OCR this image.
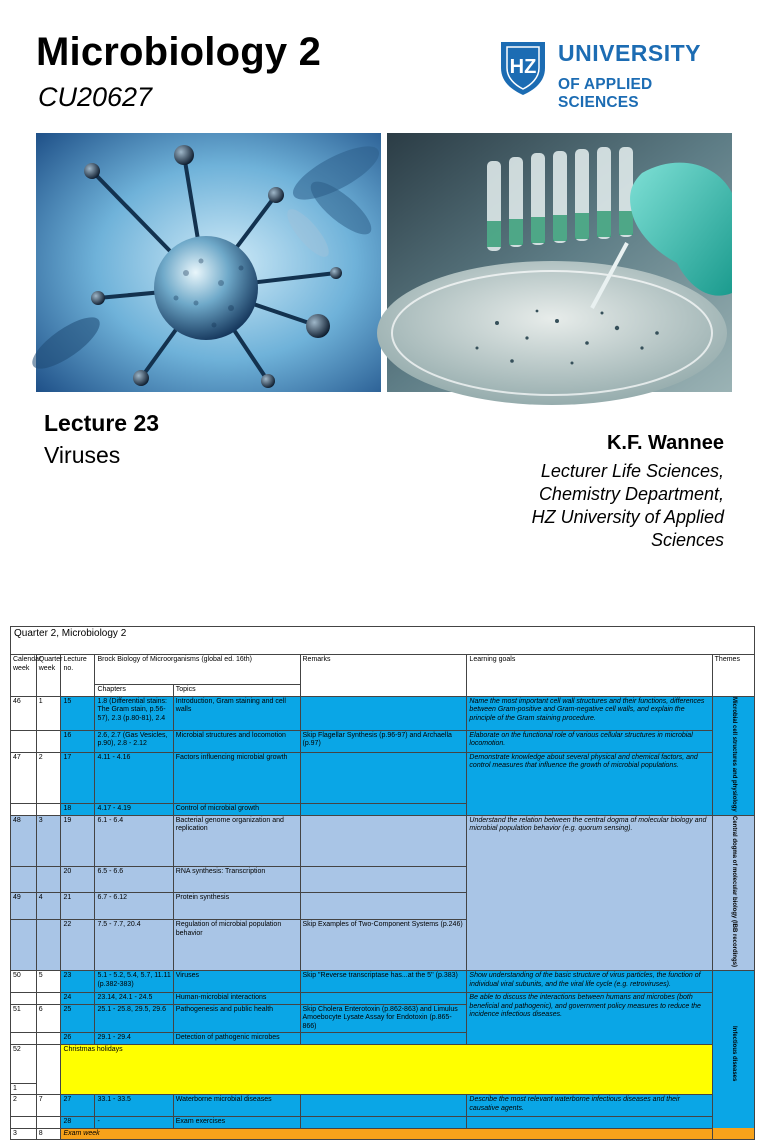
Microbiology 2
CU20627
HZ
UNIVERSITY
OF APPLIED SCIENCES
Lecture 23
Viruses	K.F. Wannee
Lecturer Life Sciences,
Chemistry Department,
HZ University of Applied
Sciences
Quarter 2, Microbiology 2							
Calendar week	Quarter week	Lecture no.	Brock Biology of Microorganisms (global ed. 16th)		Remarks	Learning goals	Themes
			Chapters	Topics			
46	1	15	1.8 (Differential stains: The Gram stain, p.56-57), 2.3 (p.80-81), 2.4	Introduction, Gram staining and cell walls		Name the most important cell wall structures and their functions, differences between Gram-positive and Gram-negative cell walls, and explain the principle of the Gram staining procedure.	Microbial cell structures and physiology
		16	2.6, 2.7 (Gas Vesicles, p.90), 2.8 - 2.12	Microbial structures and locomotion	Skip Flagellar Synthesis (p.96-97) and Archaella (p.97)	Elaborate on the functional role of various cellular structures in microbial locomotion.	
47	2	17	4.11 - 4.16	Factors influencing microbial growth		Demonstrate knowledge about several physical and chemical factors, and control measures that influence the growth of microbial populations.	
		18	4.17 - 4.19	Control of microbial growth			
48	3	19	6.1 - 6.4	Bacterial genome organization and replication		Understand the relation between the central dogma of molecular biology and microbial population behavior (e.g. quorum sensing).	Central dogma of molecular biology (IBB recordings)
		20	6.5 - 6.6	RNA synthesis: Transcription			
49	4	21	6.7 - 6.12	Protein synthesis			
		22	7.5 - 7.7, 20.4	Regulation of microbial population behavior	Skip Examples of Two-Component Systems (p.246)		
50	5	23	5.1 - 5.2, 5.4, 5.7, 11.11 (p.382-383)	Viruses	Skip "Reverse transcriptase has...at the 5'' (p.383)	Show understanding of the basic structure of virus particles, the function of individual viral subunits, and the viral life cycle (e.g. retroviruses).	Infectious diseases
		24	23.14, 24.1 - 24.5	Human-microbial interactions		Be able to discuss the interactions between humans and microbes (both beneficial and pathogenic), and government policy measures to reduce the incidence infectious diseases.	
51	6	25	25.1 - 25.8, 29.5, 29.6	Pathogenesis and public health	Skip Cholera Enterotoxin (p.862-863) and Limulus Amoebocyte Lysate Assay for Endotoxin (p.865-866)		
		26	29.1 - 29.4	Detection of pathogenic microbes			
52		Christmas holidays					
1							
2	7	27	33.1 - 33.5	Waterborne microbial diseases		Describe the most relevant waterborne infectious diseases and their causative agents.	
		28	-	Exam exercises			
3	8	Exam week					
